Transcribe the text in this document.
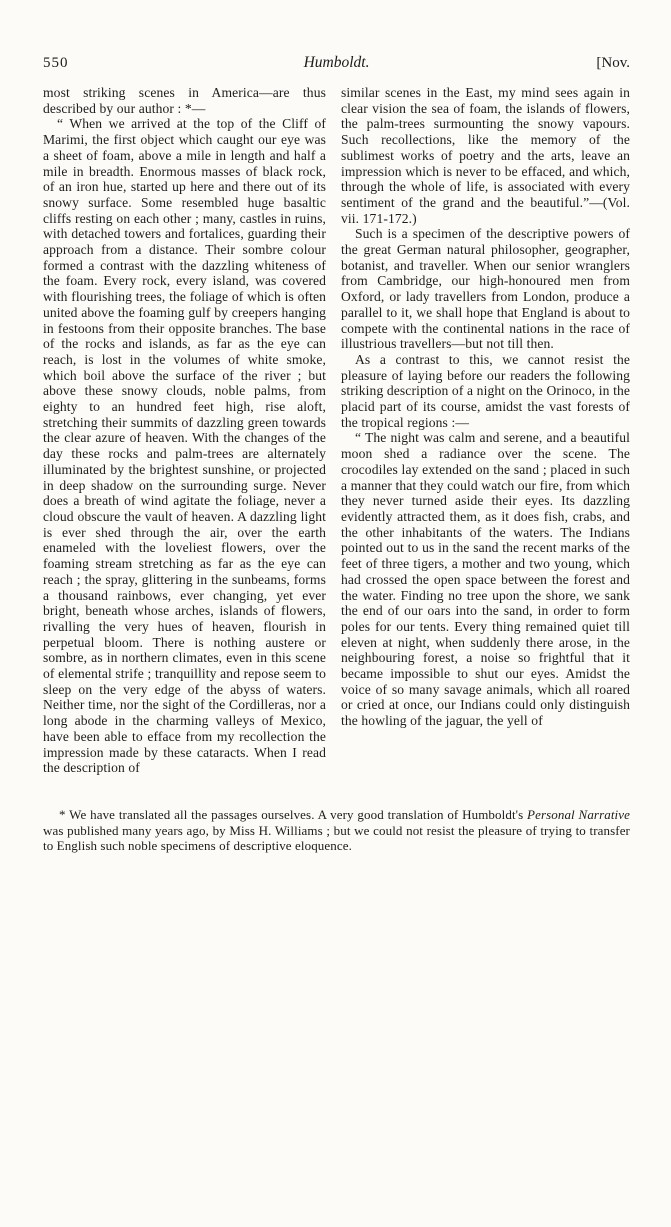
550	Humboldt.	[Nov.

most striking scenes in America—are thus described by our author : *—

“ When we arrived at the top of the Cliff of Marimi, the first object which caught our eye was a sheet of foam, above a mile in length and half a mile in breadth. Enormous masses of black rock, of an iron hue, started up here and there out of its snowy surface. Some resembled huge basaltic cliffs resting on each other ; many, castles in ruins, with detached towers and fortalices, guarding their approach from a distance. Their sombre colour formed a contrast with the dazzling whiteness of the foam. Every rock, every island, was covered with flourishing trees, the foliage of which is often united above the foaming gulf by creepers hanging in festoons from their opposite branches. The base of the rocks and islands, as far as the eye can reach, is lost in the volumes of white smoke, which boil above the surface of the river ; but above these snowy clouds, noble palms, from eighty to an hundred feet high, rise aloft, stretching their summits of dazzling green towards the clear azure of heaven. With the changes of the day these rocks and palm-trees are alternately illuminated by the brightest sunshine, or projected in deep shadow on the surrounding surge. Never does a breath of wind agitate the foliage, never a cloud obscure the vault of heaven. A dazzling light is ever shed through the air, over the earth enameled with the loveliest flowers, over the foaming stream stretching as far as the eye can reach ; the spray, glittering in the sunbeams, forms a thousand rainbows, ever changing, yet ever bright, beneath whose arches, islands of flowers, rivalling the very hues of heaven, flourish in perpetual bloom. There is nothing austere or sombre, as in northern climates, even in this scene of elemental strife ; tranquillity and repose seem to sleep on the very edge of the abyss of waters. Neither time, nor the sight of the Cordilleras, nor a long abode in the charming valleys of Mexico, have been able to efface from my recollection the impression made by these cataracts. When I read the description of

similar scenes in the East, my mind sees again in clear vision the sea of foam, the islands of flowers, the palm-trees surmounting the snowy vapours. Such recollections, like the memory of the sublimest works of poetry and the arts, leave an impression which is never to be effaced, and which, through the whole of life, is associated with every sentiment of the grand and the beautiful.”—(Vol. vii. 171-172.)

Such is a specimen of the descriptive powers of the great German natural philosopher, geographer, botanist, and traveller. When our senior wranglers from Cambridge, our high-honoured men from Oxford, or lady travellers from London, produce a parallel to it, we shall hope that England is about to compete with the continental nations in the race of illustrious travellers—but not till then.

As a contrast to this, we cannot resist the pleasure of laying before our readers the following striking description of a night on the Orinoco, in the placid part of its course, amidst the vast forests of the tropical regions :—

“ The night was calm and serene, and a beautiful moon shed a radiance over the scene. The crocodiles lay extended on the sand ; placed in such a manner that they could watch our fire, from which they never turned aside their eyes. Its dazzling evidently attracted them, as it does fish, crabs, and the other inhabitants of the waters. The Indians pointed out to us in the sand the recent marks of the feet of three tigers, a mother and two young, which had crossed the open space between the forest and the water. Finding no tree upon the shore, we sank the end of our oars into the sand, in order to form poles for our tents. Every thing remained quiet till eleven at night, when suddenly there arose, in the neighbouring forest, a noise so frightful that it became impossible to shut our eyes. Amidst the voice of so many savage animals, which all roared or cried at once, our Indians could only distinguish the howling of the jaguar, the yell of

* We have translated all the passages ourselves. A very good translation of Humboldt's Personal Narrative was published many years ago, by Miss H. Williams ; but we could not resist the pleasure of trying to transfer to English such noble specimens of descriptive eloquence.
